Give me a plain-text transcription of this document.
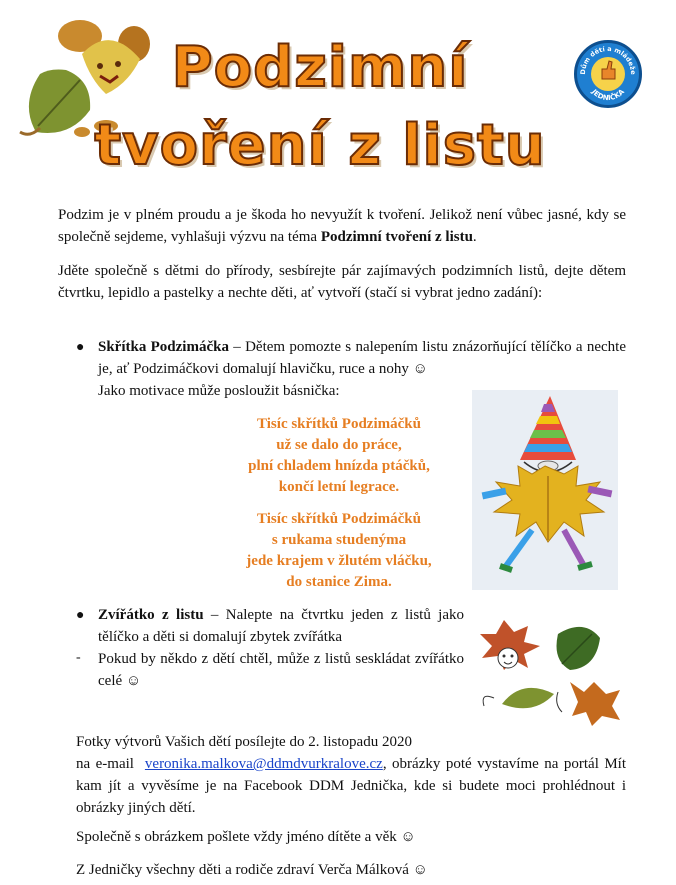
Podzimní
tvoření z listu
Dům dětí a mládeže
JEDNIČKA
Podzim je v plném proudu a je škoda ho nevyužít k tvoření. Jelikož není vůbec jasné, kdy se společně sejdeme, vyhlašuji výzvu na téma Podzimní tvoření z listu.
Jděte společně s dětmi do přírody, sesbírejte pár zajímavých podzimních listů, dejte dětem čtvrtku, lepidlo a pastelky a nechte děti, ať vytvoří (stačí si vybrat jedno zadání):
● Skřítka Podzimáčka – Dětem pomozte s nalepením listu znázorňující tělíčko a nechte je, ať Podzimáčkovi domalují hlavičku, ruce a nohy ☺
Jako motivace může posloužit básnička:
Tisíc skřítků Podzimáčků
už se dalo do práce,
plní chladem hnízda ptáčků,
končí letní legrace.
Tisíc skřítků Podzimáčků
s rukama studenýma
jede krajem v žlutém vláčku,
do stanice Zima.
● Zvířátko z listu – Nalepte na čtvrtku jeden z listů jako tělíčko a děti si domalují zbytek zvířátka
- Pokud by někdo z dětí chtěl, může z listů seskládat zvířátko celé ☺
Fotky výtvorů Vašich dětí posílejte do 2. listopadu 2020
na e-mail veronika.malkova@ddmdvurkralove.cz, obrázky poté vystavíme na portál Mít kam jít a vyvěsíme je na Facebook DDM Jednička, kde si budete moci prohlédnout i obrázky jiných dětí.
Společně s obrázkem pošlete vždy jméno dítěte a věk ☺
Z Jedničky všechny děti a rodiče zdraví Verča Málková ☺
